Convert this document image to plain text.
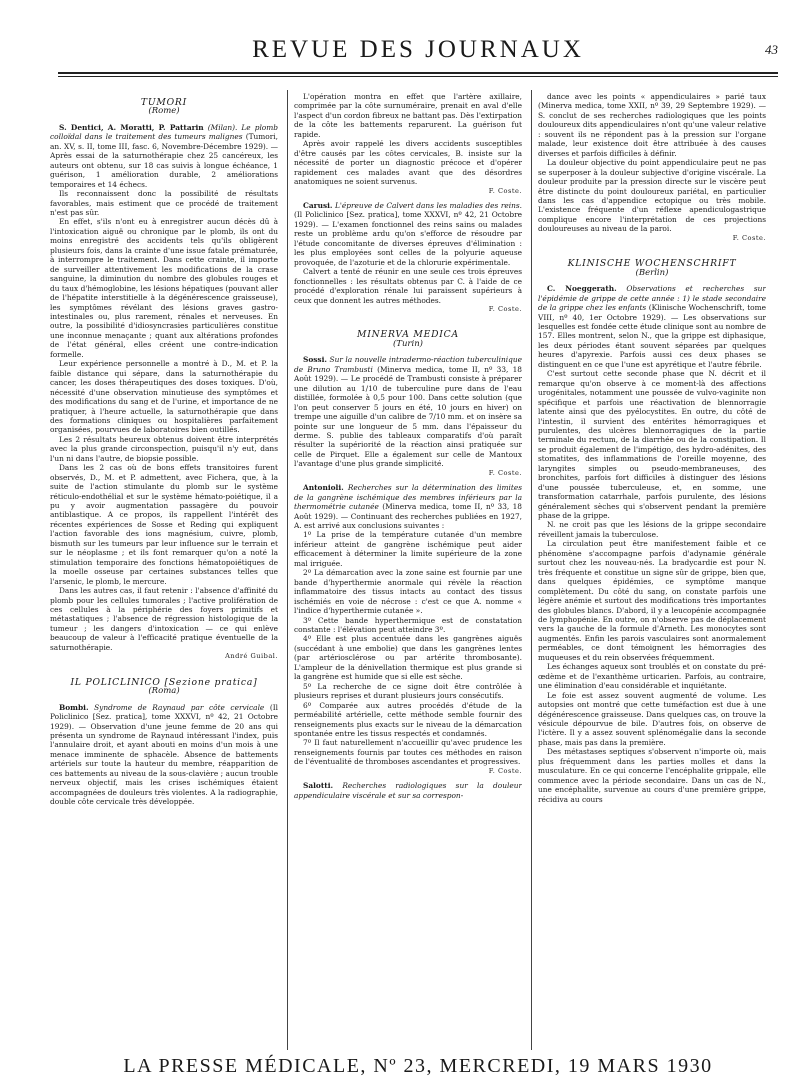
REVUE DES JOURNAUX	43

TUMORI

(Rome)

S. Dentici, A. Moratti, P. Pattarin (Milan). Le plomb colloïdal dans le traitement des tumeurs malignes (Tumori, an. XV, s. II, tome III, fasc. 6, Novembre-Décembre 1929). — Après essai de la saturnothérapie chez 25 cancéreux, les auteurs ont obtenu, sur 18 cas suivis à longue échéance, 1 guérison, 1 amélioration durable, 2 améliorations temporaires et 14 échecs.

Ils reconnaissent donc la possibilité de résultats favorables, mais estiment que ce procédé de traitement n'est pas sûr.

En effet, s'ils n'ont eu à enregistrer aucun décès dû à l'intoxication aiguë ou chronique par le plomb, ils ont du moins enregistré des accidents tels qu'ils obligèrent plusieurs fois, dans la crainte d'une issue fatale prématurée, à interrompre le traitement. Dans cette crainte, il importe de surveiller attentivement les modifications de la crase sanguine, la diminution du nombre des globules rouges et du taux d'hémoglobine, les lésions hépatiques (pouvant aller de l'hépatite interstitielle à la dégénérescence graisseuse), les symptômes révélant des lésions graves gastro-intestinales ou, plus rarement, rénales et nerveuses. En outre, la possibilité d'idiosyncrasies particulières constitue une inconnue menaçante ; quant aux altérations profondes de l'état général, elles créent une contre-indication formelle.

Leur expérience personnelle a montré à D., M. et P. la faible distance qui sépare, dans la saturnothérapie du cancer, les doses thérapeutiques des doses toxiques. D'où, nécessité d'une observation minutieuse des symptômes et des modifications du sang et de l'urine, et importance de ne pratiquer, à l'heure actuelle, la saturnothérapie que dans des formations cliniques ou hospitalières parfaitement organisées, pourvues de laboratoires bien outillés.

Les 2 résultats heureux obtenus doivent être interprétés avec la plus grande circonspection, puisqu'il n'y eut, dans l'un ni dans l'autre, de biopsie possible.

Dans les 2 cas où de bons effets transitoires furent observés, D., M. et P. admettent, avec Fichera, que, à la suite de l'action stimulante du plomb sur le système réticulo-endothélial et sur le système hémato-poiétique, il a pu y avoir augmentation passagère du pouvoir antiblastique. A ce propos, ils rappellent l'intérêt des récentes expériences de Sosse et Reding qui expliquent l'action favorable des ions magnésium, cuivre, plomb, bismuth sur les tumeurs par leur influence sur le terrain et sur le néoplasme ; et ils font remarquer qu'on a noté la stimulation temporaire des fonctions hématopoiétiques de la moelle osseuse par certaines substances telles que l'arsenic, le plomb, le mercure.

Dans les autres cas, il faut retenir : l'absence d'affinité du plomb pour les cellules tumorales ; l'active prolifération de ces cellules à la périphérie des foyers primitifs et métastatiques ; l'absence de régression histologique de la tumeur ; les dangers d'intoxication — ce qui enlève beaucoup de valeur à l'efficacité pratique éventuelle de la saturnothérapie.

André Guibal.

IL POLICLINICO [Sezione pratica]

(Roma)

Bombi. Syndrome de Raynaud par côte cervicale (Il Policlinico [Sez. pratica], tome XXXVI, nº 42, 21 Octobre 1929). — Observation d'une jeune femme de 20 ans qui présenta un syndrome de Raynaud intéressant l'index, puis l'annulaire droit, et ayant abouti en moins d'un mois à une menace imminente de sphacèle. Absence de battements artériels sur toute la hauteur du membre, réapparition de ces battements au niveau de la sous-clavière ; aucun trouble nerveux objectif, mais les crises ischémiques étaient accompagnées de douleurs très violentes. A la radiographie, double côte cervicale très développée.

L'opération montra en effet que l'artère axillaire, comprimée par la côte surnuméraire, prenait en aval d'elle l'aspect d'un cordon fibreux ne battant pas. Dès l'extirpation de la côte les battements reparurent. La guérison fut rapide.

Après avoir rappelé les divers accidents susceptibles d'être causés par les côtes cervicales, B. insiste sur la nécessité de porter un diagnostic précoce et d'opérer rapidement ces malades avant que des désordres anatomiques ne soient survenus.

F. Coste.

Carusi. L'épreuve de Calvert dans les maladies des reins. (Il Policlinico [Sez. pratica], tome XXXVI, nº 42, 21 Octobre 1929). — L'examen fonctionnel des reins sains ou malades reste un problème ardu qu'on s'efforce de résoudre par l'étude concomitante de diverses épreuves d'élimination : les plus employées sont celles de la polyurie aqueuse provoquée, de l'azoturie et de la chlorurie expérimentale.

Calvert a tenté de réunir en une seule ces trois épreuves fonctionnelles : les résultats obtenus par C. à l'aide de ce procédé d'exploration rénale lui paraissent supérieurs à ceux que donnent les autres méthodes.

F. Coste.

MINERVA MEDICA

(Turin)

Sossi. Sur la nouvelle intradermo-réaction tuberculinique de Bruno Trambusti (Minerva medica, tome II, nº 33, 18 Août 1929). — Le procédé de Trambusti consiste à préparer une dilution au 1/10 de tuberculine pure dans de l'eau distillée, formolée à 0,5 pour 100. Dans cette solution (que l'on peut conserver 5 jours en été, 10 jours en hiver) on trempe une aiguille d'un calibre de 7/10 mm. et on insère sa pointe sur une longueur de 5 mm. dans l'épaisseur du derme. S. publie des tableaux comparatifs d'où paraît résulter la supériorité de la réaction ainsi pratiquée sur celle de Pirquet. Elle a également sur celle de Mantoux l'avantage d'une plus grande simplicité.

F. Coste.

Antonioli. Recherches sur la détermination des limites de la gangrène ischémique des membres inférieurs par la thermométrie cutanée (Minerva medica, tome II, nº 33, 18 Août 1929). — Continuant des recherches publiées en 1927, A. est arrivé aux conclusions suivantes :

1º La prise de la température cutanée d'un membre inférieur atteint de gangrène ischémique peut aider efficacement à déterminer la limite supérieure de la zone mal irriguée.

2º La démarcation avec la zone saine est fournie par une bande d'hyperthermie anormale qui révèle la réaction inflammatoire des tissus intacts au contact des tissus ischémiés en voie de nécrose : c'est ce que A. nomme « l'indice d'hyperthermie cutanée ».

3º Cette bande hyperthermique est de constatation constante : l'élévation peut atteindre 3º.

4º Elle est plus accentuée dans les gangrènes aiguës (succédant à une embolie) que dans les gangrènes lentes (par artériosclérose ou par artérite thrombosante). L'ampleur de la dénivellation thermique est plus grande si la gangrène est humide que si elle est sèche.

5º La recherche de ce signe doit être contrôlée à plusieurs reprises et durant plusieurs jours consécutifs.

6º Comparée aux autres procédés d'étude de la perméabilité artérielle, cette méthode semble fournir des renseignements plus exacts sur le niveau de la démarcation spontanée entre les tissus respectés et condamnés.

7º Il faut naturellement n'accueillir qu'avec prudence les renseignements fournis par toutes ces méthodes en raison de l'éventualité de thromboses ascendantes et progressives.

F. Coste.

Salotti. Recherches radiologiques sur la douleur appendiculaire viscérale et sur sa correspon-

dance avec les points « appendiculaires » parié taux (Minerva medica, tome XXII, nº 39, 29 Septembre 1929). — S. conclut de ses recherches radiologiques que les points douloureux dits appendiculaires n'ont qu'une valeur relative : souvent ils ne répondent pas à la pression sur l'organe malade, leur existence doit être attribuée à des causes diverses et parfois difficiles à définir.

La douleur objective du point appendiculaire peut ne pas se superposer à la douleur subjective d'origine viscérale. La douleur produite par la pression directe sur le viscère peut être distincte du point douloureux pariétal, en particulier dans les cas d'appendice ectopique ou très mobile. L'existence fréquente d'un réflexe apendiculogastrique complique encore l'interprétation de ces projections douloureuses au niveau de la paroi.

F. Coste.

KLINISCHE WOCHENSCHRIFT

(Berlin)

C. Noeggerath. Observations et recherches sur l'épidémie de grippe de cette année : 1) le stade secondaire de la grippe chez les enfants (Klinische Wochenschrift, tome VIII, nº 40, 1er Octobre 1929). — Les observations sur lesquelles est fondée cette étude clinique sont au nombre de 157. Elles montrent, selon N., que la grippe est diphasique, les deux périodes étant souvent séparées par quelques heures d'apyrexie. Parfois aussi ces deux phases se distinguent en ce que l'une est apyrétique et l'autre fébrile.

C'est surtout cette seconde phase que N. décrit et il remarque qu'on observe à ce moment-là des affections urogénitales, notamment une poussée de vulvo-vaginite non spécifique et parfois une réactivation de blennorragie latente ainsi que des pyélocystites. En outre, du côté de l'intestin, il survient des entérites hémorragiques et purulentes, des ulcères blennorragiques de la partie terminale du rectum, de la diarrhée ou de la constipation. Il se produit également de l'impétigo, des hydro-adénites, des stomatites, des inflammations de l'oreille moyenne, des laryngites simples ou pseudo-membraneuses, des bronchites, parfois fort difficiles à distinguer des lésions d'une poussée tuberculeuse, et, en somme, une transformation catarrhale, parfois purulente, des lésions généralement sèches qui s'observent pendant la première phase de la grippe.

N. ne croit pas que les lésions de la grippe secondaire réveillent jamais la tuberculose.

La circulation peut être manifestement faible et ce phénomène s'accompagne parfois d'adynamie générale surtout chez les nouveau-nés. La bradycardie est pour N. très fréquente et constitue un signe sûr de grippe, bien que, dans quelques épidémies, ce symptôme manque complètement. Du côté du sang, on constate parfois une légère anémie et surtout des modifications très importantes des globules blancs. D'abord, il y a leucopénie accompagnée de lymphopénie. En outre, on n'observe pas de déplacement vers la gauche de la formule d'Arneth. Les monocytes sont augmentés. Enfin les parois vasculaires sont anormalement perméables, ce dont témoignent les hémorragies des muqueuses et du rein observées fréquemment.

Les échanges aqueux sont troublés et on constate du pré-œdème et de l'exanthème urticarien. Parfois, au contraire, une élimination d'eau considérable et inquiétante.

Le foie est assez souvent augmenté de volume. Les autopsies ont montré que cette tuméfaction est due à une dégénérescence graisseuse. Dans quelques cas, on trouve la vésicule dépourvue de bile. D'autres fois, on observe de l'ictère. Il y a assez souvent splénomégalie dans la seconde phase, mais pas dans la première.

Des métastases septiques s'observent n'importe où, mais plus fréquemment dans les parties molles et dans la musculature. En ce qui concerne l'encéphalite grippale, elle commence avec la période secondaire. Dans un cas de N., une encéphalite, survenue au cours d'une première grippe, récidiva au cours

LA PRESSE MÉDICALE, Nº 23, MERCREDI, 19 MARS 1930
